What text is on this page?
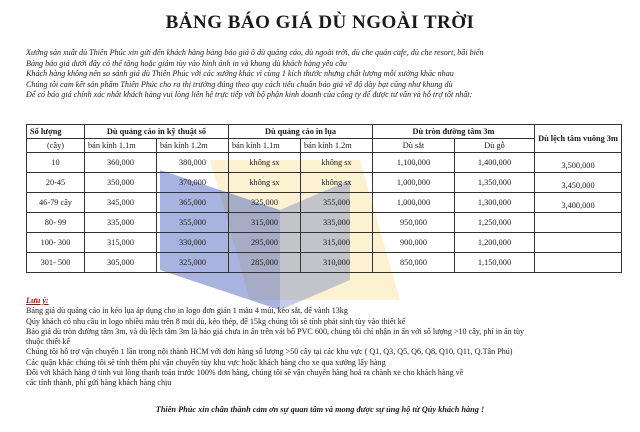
BẢNG BÁO GIÁ DÙ NGOÀI TRỜI
Xưởng sản xuất dù Thiên Phúc xin gửi đến khách hàng bảng báo giá ô dù quảng cáo, dù ngoài trời, dù che quán cafe, dù che resort, bãi biển
Bảng báo giá dưới đây có thể tăng hoặc giảm tùy vào hình ảnh in và khung dù khách hàng yêu cầu
Khách hàng không nên so sánh giá dù Thiên Phúc với các xưởng khác vì cùng 1 kích thước nhưng chất lượng mỗi xưởng khác nhau
Chúng tôi cam kết sản phẩm Thiên Phúc cho ra thị trường đúng theo quy cách tiêu chuẩn báo giá về độ dày bạt cũng như khung dù
Để có báo giá chính xác nhất khách hàng vui lòng liên hệ trực tiếp với bộ phận kinh doanh của công ty để được tư vấn và hỗ trợ tốt nhất:
Số lượng	Dù quảng cáo in kỹ thuật số		Dù quảng cáo in lụa		Dù tròn đường tâm 3m		Dù lệch tâm vuông 3m
(cây)	bán kính 1.1m	bán kính 1.2m	bán kính 1.1m	bán kính 1.2m	Dù sắt	Dù gỗ	
10	360,000	380,000	không sx	không sx	1,100,000	1,400,000	3,500,000
20-45	350,000	370,000	không sx	không sx	1,000,000	1,350,000	3,450,000
46-79 cây	345,000	365,000	325,000	355,000	1,000,000	1,300,000	3,400,000
80- 99	335,000	355,000	315,000	335,000	950,000	1,250,000	
100- 300	315,000	330,000	295,000	315,000	900,000	1,200,000	
301- 500	305,000	325,000	285,000	310,000	850,000	1,150,000	
Lưu ý:
Bảng giá dù quảng cáo in kéo lụa áp dụng cho in logo đơn giản 1 màu 4 múi, kèo sắt, đế vành 13kg
Qúy khách có nhu cầu in logo nhiều màu trên 8 múi dù, kèo thép, đế 15kg chúng tôi sẽ tính phát sinh tùy vào thiết kế
Báo giá dù tròn đường tâm 3m, và dù lệch tâm 3m là báo giá chưa in ấn trên vải bố PVC 600, chúng tôi chỉ nhận in ấn với số lượng >10 cây, phí in ấn tùy
thuộc thiết kế
Chúng tôi hỗ trợ vận chuyển 1 lần trong nội thành HCM với đơn hàng số lượng >50 cây tại các khu vực ( Q1, Q3, Q5, Q6, Q8, Q10, Q11, Q.Tân Phú)
Các quận khác chúng tôi sẽ tính thêm phí vận chuyển tùy khu vực hoặc khách hàng cho xe qua xưởng lấy hàng
Đối với khách hàng ở tỉnh vui lòng thanh toán trước 100% đơn hàng, chúng tôi sẽ vận chuyển hàng hoá ra chành xe cho khách hàng về
các tỉnh thành, phí gửi hàng khách hàng chịu
Thiên Phúc xin chân thành cảm ơn sự quan tâm và mong được sự ủng hộ từ Qúy khách hàng !
